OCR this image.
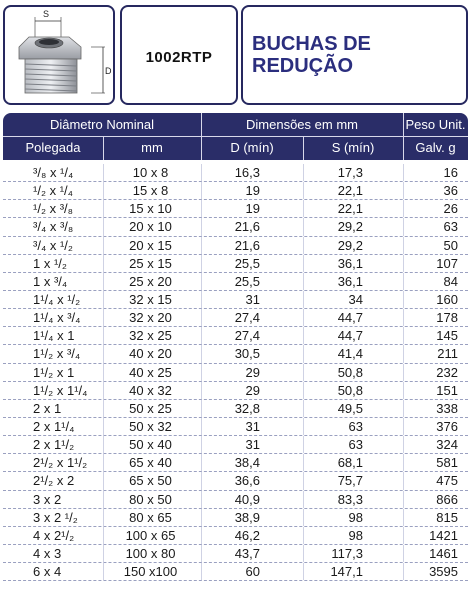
S
D
1002RTP
BUCHAS DE
REDUÇÃO
Diâmetro Nominal	Dimensões em mm	Peso Unit.
Polegada	mm	D (mín)	S (mín)	Galv. g
³/₈ x ¹/₄	10 x 8	16,3	17,3	16
¹/₂ x ¹/₄	15 x 8	19	22,1	36
¹/₂ x ³/₈	15 x 10	19	22,1	26
³/₄ x ³/₈	20 x 10	21,6	29,2	63
³/₄ x ¹/₂	20 x 15	21,6	29,2	50
1 x ¹/₂	25 x 15	25,5	36,1	107
1 x ³/₄	25 x 20	25,5	36,1	84
1¹/₄ x ¹/₂	32 x 15	31	34	160
1¹/₄ x ³/₄	32 x 20	27,4	44,7	178
1¹/₄ x 1	32 x 25	27,4	44,7	145
1¹/₂ x ³/₄	40 x 20	30,5	41,4	211
1¹/₂ x 1	40 x 25	29	50,8	232
1¹/₂ x 1¹/₄	40 x 32	29	50,8	151
2 x 1	50 x 25	32,8	49,5	338
2 x 1¹/₄	50 x 32	31	63	376
2 x 1¹/₂	50 x 40	31	63	324
2¹/₂ x 1¹/₂	65 x 40	38,4	68,1	581
2¹/₂ x 2	65 x 50	36,6	75,7	475
3 x 2	80 x 50	40,9	83,3	866
3 x 2 ¹/₂	80 x 65	38,9	98	815
4 x 2¹/₂	100 x 65	46,2	98	1421
4 x 3	100 x 80	43,7	117,3	1461
6 x 4	150 x100	60	147,1	3595
